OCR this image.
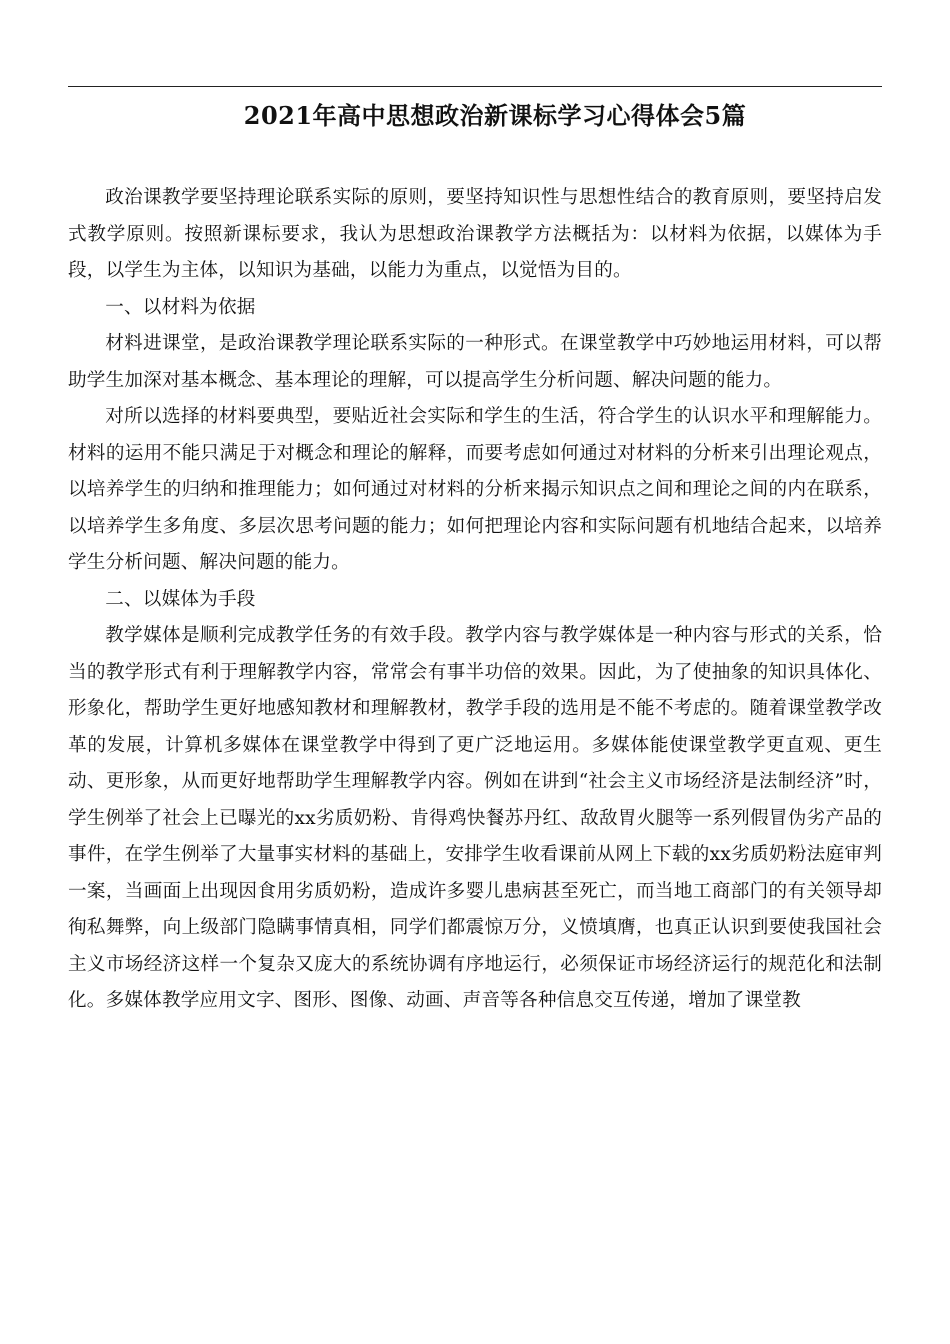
2021年高中思想政治新课标学习心得体会5篇

政治课教学要坚持理论联系实际的原则，要坚持知识性与思想性结合的教育原则，要坚持启发式教学原则。按照新课标要求，我认为思想政治课教学方法概括为：以材料为依据，以媒体为手段，以学生为主体，以知识为基础，以能力为重点，以觉悟为目的。

一、以材料为依据

材料进课堂，是政治课教学理论联系实际的一种形式。在课堂教学中巧妙地运用材料，可以帮助学生加深对基本概念、基本理论的理解，可以提高学生分析问题、解决问题的能力。

对所以选择的材料要典型，要贴近社会实际和学生的生活，符合学生的认识水平和理解能力。材料的运用不能只满足于对概念和理论的解释，而要考虑如何通过对材料的分析来引出理论观点，以培养学生的归纳和推理能力；如何通过对材料的分析来揭示知识点之间和理论之间的内在联系，以培养学生多角度、多层次思考问题的能力；如何把理论内容和实际问题有机地结合起来，以培养学生分析问题、解决问题的能力。

二、以媒体为手段

教学媒体是顺利完成教学任务的有效手段。教学内容与教学媒体是一种内容与形式的关系，恰当的教学形式有利于理解教学内容，常常会有事半功倍的效果。因此，为了使抽象的知识具体化、形象化，帮助学生更好地感知教材和理解教材，教学手段的选用是不能不考虑的。随着课堂教学改革的发展，计算机多媒体在课堂教学中得到了更广泛地运用。多媒体能使课堂教学更直观、更生动、更形象，从而更好地帮助学生理解教学内容。例如在讲到“社会主义市场经济是法制经济”时，学生例举了社会上已曝光的xx劣质奶粉、肯得鸡快餐苏丹红、敌敌胃火腿等一系列假冒伪劣产品的事件，在学生例举了大量事实材料的基础上，安排学生收看课前从网上下载的xx劣质奶粉法庭审判一案，当画面上出现因食用劣质奶粉，造成许多婴儿患病甚至死亡，而当地工商部门的有关领导却徇私舞弊，向上级部门隐瞒事情真相，同学们都震惊万分，义愤填膺，也真正认识到要使我国社会主义市场经济这样一个复杂又庞大的系统协调有序地运行，必须保证市场经济运行的规范化和法制化。多媒体教学应用文字、图形、图像、动画、声音等各种信息交互传递，增加了课堂教
